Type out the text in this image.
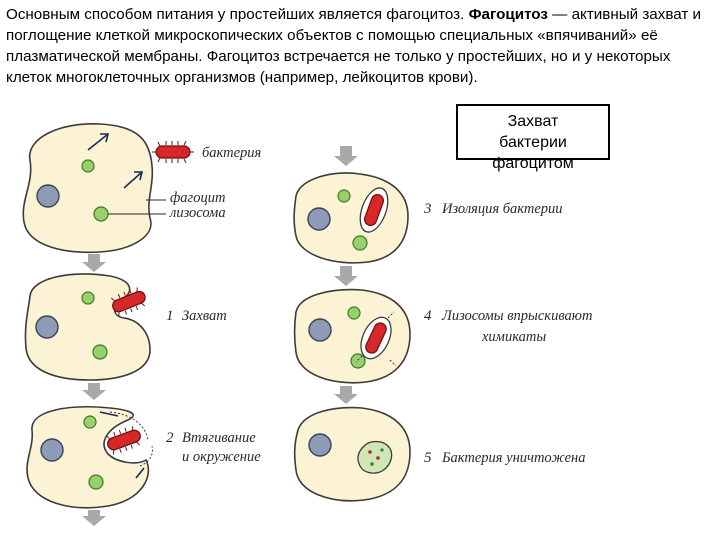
Основным способом питания у простейших является фагоцитоз. Фагоцитоз — активный захват и поглощение клеткой микроскопических объектов с помощью специальных «впячиваний» её плазматической мембраны. Фагоцитоз встречается не только у простейших, но и у некоторых клеток многоклеточных организмов (например, лейкоцитов крови).
Захват
бактерии
фагоцитом
бактерия
фагоцит
лизосома
1 Захват
2 Втягивание
и окружение
3 Изоляция бактерии
4 Лизосомы впрыскивают
химикаты
5 Бактерия уничтожена
